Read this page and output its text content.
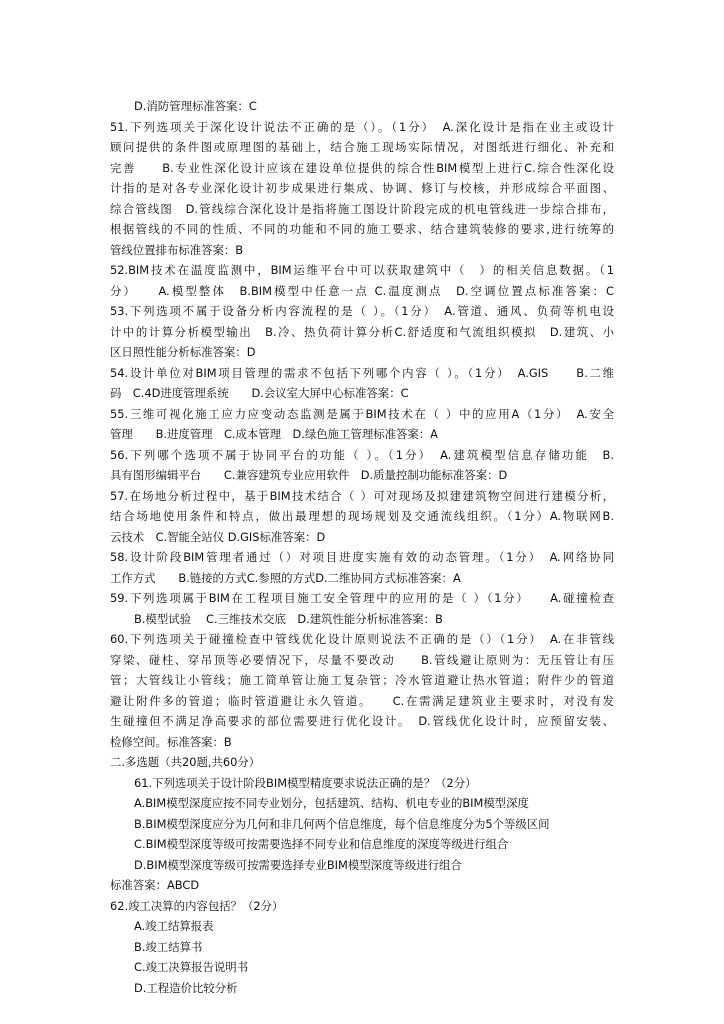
D.消防管理标准答案：C
51.下列选项关于深化设计说法不正确的是（）。（1分）　A.深化设计是指在业主或设计
顾问提供的条件图或原理图的基础上，结合施工现场实际情况，对图纸进行细化、补充和
完善　　B.专业性深化设计应该在建设单位提供的综合性BIM模型上进行C.综合性深化设
计指的是对各专业深化设计初步成果进行集成、协调、修订与校核，并形成综合平面图、
综合管线图　D.管线综合深化设计是指将施工图设计阶段完成的机电管线进一步综合排布，
根据管线的不同的性质、不同的功能和不同的施工要求、结合建筑装修的要求,进行统筹的
管线位置排布标准答案：B
52.BIM技术在温度监测中，BIM运维平台中可以获取建筑中（　）的相关信息数据。（1
分）　　A.模型整体　B.BIM模型中任意一点 C.温度测点　D.空调位置点标准答案：C
53.下列选项不属于设备分析内容流程的是（ ）。（1分）　A.管道、通风、负荷等机电设
计中的计算分析模型输出　B.冷、热负荷计算分析C.舒适度和气流组织模拟　D.建筑、小
区日照性能分析标准答案：D
54.设计单位对BIM项目管理的需求不包括下列哪个内容（ ）。（1分）　A.GIS　　B.二维
码　C.4D进度管理系统　　D.会议室大屏中心标准答案：C
55.三维可视化施工应力应变动态监测是属于BIM技术在（ ）中的应用A（1分）　A.安全
管理　　B.进度管理　C.成本管理　D.绿色施工管理标准答案：A
56.下列哪个选项不属于协同平台的功能（ ）。（1分）　A.建筑模型信息存储功能　B.
具有图形编辑平台　　C.兼容建筑专业应用软件　D.质量控制功能标准答案：D
57.在场地分析过程中，基于BIM技术结合（ ）可对现场及拟建建筑物空间进行建模分析，
结合场地使用条件和特点，做出最理想的现场规划及交通流线组织。（1分）A.物联网B.
云技术　C.智能全站仪 D.GIS标准答案：D
58.设计阶段BIM管理者通过（）对项目进度实施有效的动态管理。（1分）　A.网络协同
工作方式　　B.链接的方式C.参照的方式D.二维协同方式标准答案：A
59.下列选项属于BIM在工程项目施工安全管理中的应用的是（ ）（1分）　　A.碰撞检查
B.模型试验　 C.三维技术交底　D.建筑性能分析标准答案：B
60.下列选项关于碰撞检查中管线优化设计原则说法不正确的是（）（1分）　A.在非管线
穿梁、碰柱、穿吊顶等必要情况下，尽量不要改动　　B.管线避让原则为：无压管让有压
管；大管线让小管线；施工简单管让施工复杂管；冷水管道避让热水管道；附件少的管道
避让附件多的管道；临时管道避让永久管道。　　C.在需满足建筑业主要求时，对没有发
生碰撞但不满足净高要求的部位需要进行优化设计。　D.管线优化设计时，应预留安装、
检修空间。标准答案：B
二.多选题（共20题,共60分）
61.下列选项关于设计阶段BIM模型精度要求说法正确的是？（2分）
A.BIM模型深度应按不同专业划分，包括建筑、结构、机电专业的BIM模型深度
B.BIM模型深度应分为几何和非几何两个信息维度，每个信息维度分为5个等级区间
C.BIM模型深度等级可按需要选择不同专业和信息维度的深度等级进行组合
D.BIM模型深度等级可按需要选择专业BIM模型深度等级进行组合
标准答案：ABCD
62.竣工决算的内容包括？（2分）
A.竣工结算报表
B.竣工结算书
C.竣工决算报告说明书
D.工程造价比较分析
